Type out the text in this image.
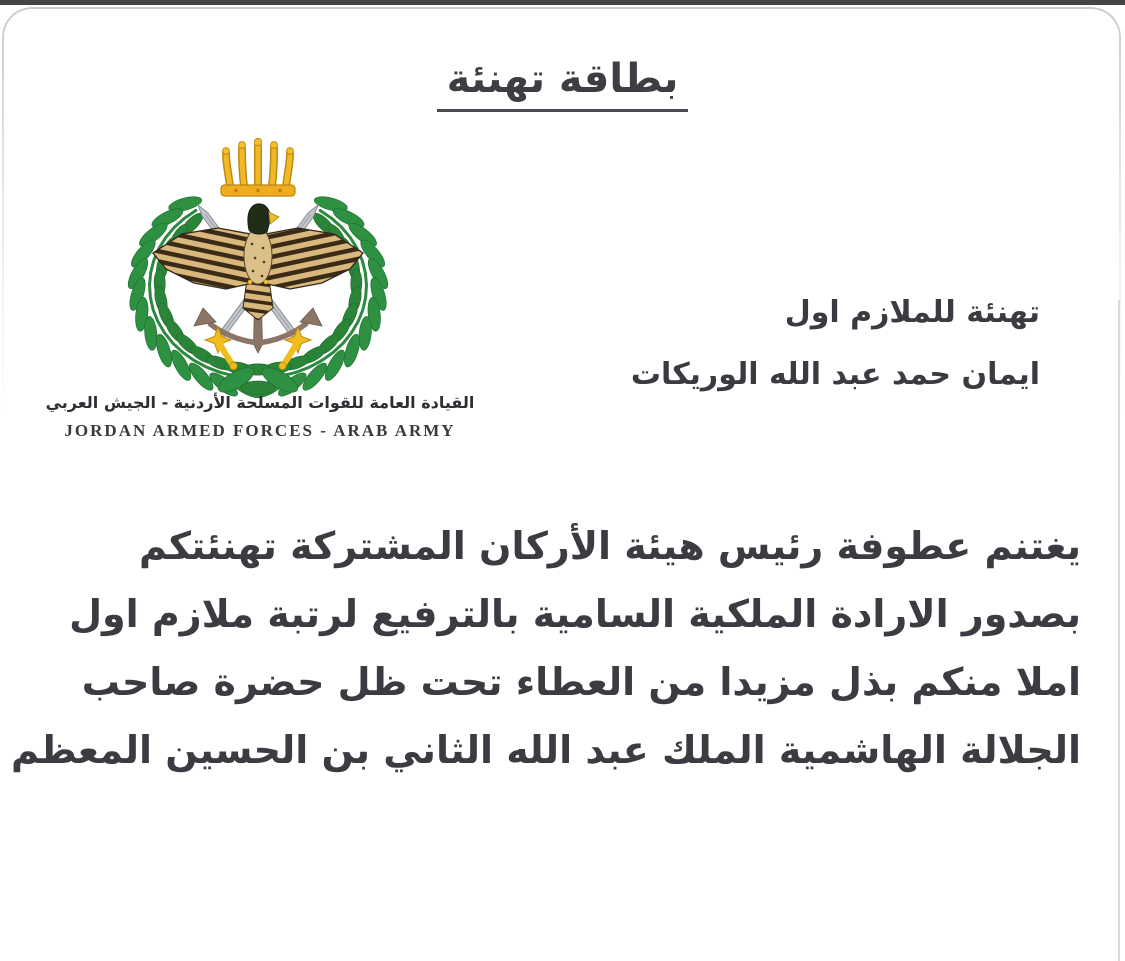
بطاقة تهنئة
القيادة العامة للقوات المسلحة الأردنية - الجيش العربي
JORDAN ARMED FORCES - ARAB ARMY
تهنئة للملازم اول
ايمان حمد عبد الله الوريكات
يغتنم عطوفة رئيس هيئة الأركان المشتركة تهنئتكم
بصدور الارادة الملكية السامية بالترفيع لرتبة ملازم اول
املا منكم بذل مزيدا من العطاء تحت ظل حضرة صاحب
الجلالة الهاشمية الملك عبد الله الثاني بن الحسين المعظم
